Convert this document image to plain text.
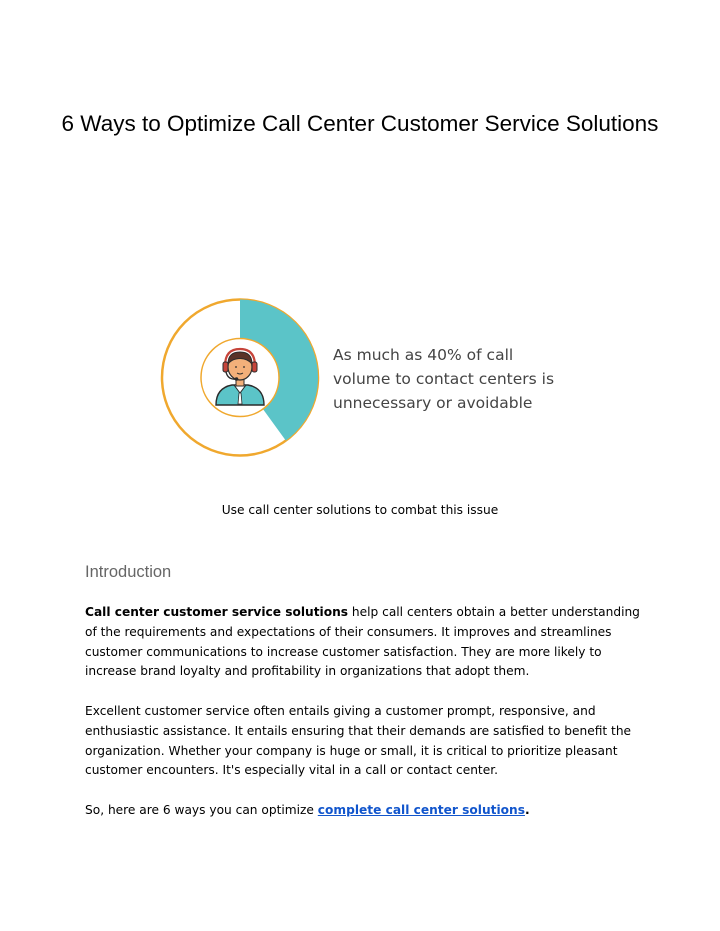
6 Ways to Optimize Call Center Customer Service Solutions
As much as 40% of call volume to contact centers is unnecessary or avoidable
Use call center solutions to combat this issue
Introduction
Call center customer service solutions help call centers obtain a better understanding of the requirements and expectations of their consumers. It improves and streamlines customer communications to increase customer satisfaction. They are more likely to increase brand loyalty and profitability in organizations that adopt them.
Excellent customer service often entails giving a customer prompt, responsive, and enthusiastic assistance. It entails ensuring that their demands are satisfied to benefit the organization. Whether your company is huge or small, it is critical to prioritize pleasant customer encounters. It's especially vital in a call or contact center.
So, here are 6 ways you can optimize complete call center solutions.
